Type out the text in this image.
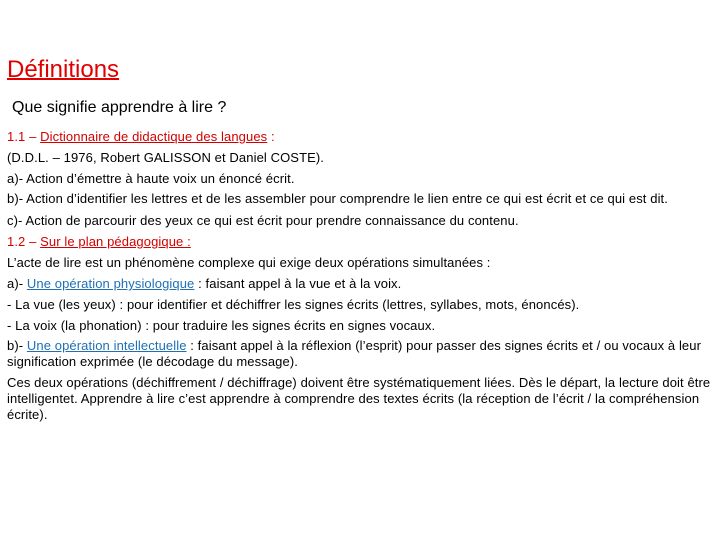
Définitions
Que signifie apprendre à lire ?

1.1 – Dictionnaire de didactique des langues :

(D.D.L. – 1976, Robert GALISSON et Daniel COSTE).

a)- Action d’émettre à haute voix un énoncé écrit.

b)- Action d’identifier les lettres et de les assembler pour comprendre le lien entre ce qui est écrit et ce qui est dit.

c)- Action de parcourir des yeux ce qui est écrit pour prendre connaissance du contenu.

1.2 – Sur le plan pédagogique :

L’acte de lire est un phénomène complexe qui exige deux opérations simultanées :

a)- Une opération physiologique : faisant appel à la vue et à la voix.

- La vue (les yeux) : pour identifier et déchiffrer les signes écrits (lettres, syllabes, mots, énoncés).

- La voix (la phonation) : pour traduire les signes écrits en signes vocaux.

b)- Une opération intellectuelle : faisant appel à la réflexion (l’esprit) pour passer des signes écrits et / ou vocaux à leur signification exprimée (le décodage du message).

Ces deux opérations (déchiffrement / déchiffrage) doivent être systématiquement liées. Dès le départ, la lecture doit être intelligentet. Apprendre à lire c’est apprendre à comprendre des textes écrits (la réception de l’écrit / la compréhension écrite).
